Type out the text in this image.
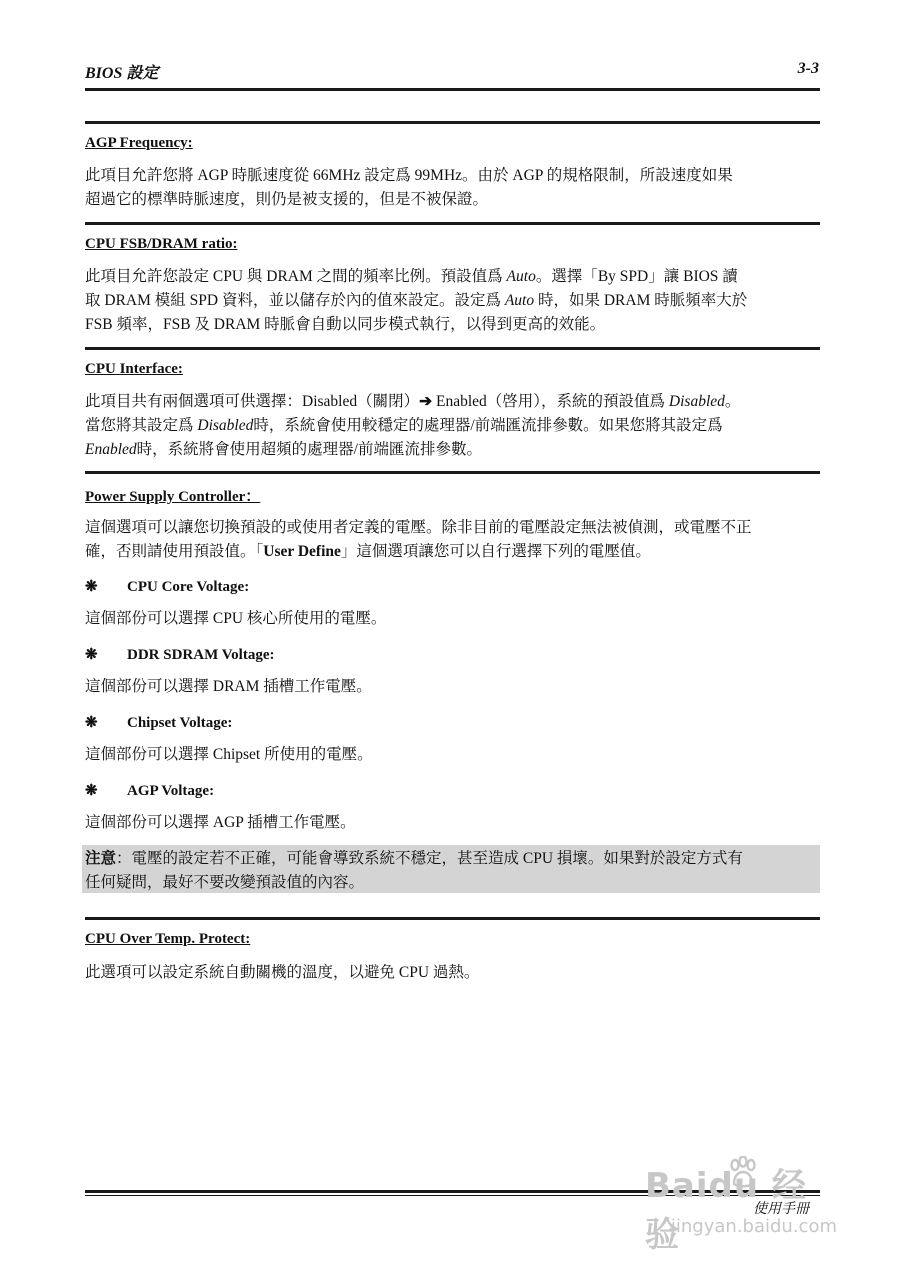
BIOS 設定	3-3
AGP Frequency:
此項目允許您將 AGP 時脈速度從 66MHz 設定爲 99MHz。由於 AGP 的規格限制，所設速度如果
超過它的標準時脈速度，則仍是被支援的，但是不被保證。
CPU FSB/DRAM ratio:
此項目允許您設定 CPU 與 DRAM 之間的頻率比例。預設值爲 Auto。選擇「By SPD」讓 BIOS 讀
取 DRAM 模組 SPD 資料，並以儲存於內的值來設定。設定爲 Auto 時，如果 DRAM 時脈頻率大於
FSB 頻率，FSB 及 DRAM 時脈會自動以同步模式執行，以得到更高的效能。
CPU Interface:
此項目共有兩個選項可供選擇：Disabled（關閉）➔ Enabled（啓用），系統的預設值爲 Disabled。
當您將其設定爲 Disabled時，系統會使用較穩定的處理器/前端匯流排參數。如果您將其設定爲
Enabled時，系統將會使用超頻的處理器/前端匯流排參數。
Power Supply Controller：
這個選項可以讓您切換預設的或使用者定義的電壓。除非目前的電壓設定無法被偵測，或電壓不正
確，否則請使用預設值。「User Define」這個選項讓您可以自行選擇下列的電壓值。
❋ CPU Core Voltage:
這個部份可以選擇 CPU 核心所使用的電壓。
❋ DDR SDRAM Voltage:
這個部份可以選擇 DRAM 插槽工作電壓。
❋ Chipset Voltage:
這個部份可以選擇 Chipset 所使用的電壓。
❋ AGP Voltage:
這個部份可以選擇 AGP 插槽工作電壓。
注意：電壓的設定若不正確，可能會導致系統不穩定，甚至造成 CPU 損壞。如果對於設定方式有
任何疑問，最好不要改變預設值的內容。
CPU Over Temp. Protect:
此選項可以設定系統自動關機的溫度，以避免 CPU 過熱。
使用手冊
Baidu 经验
jingyan.baidu.com
